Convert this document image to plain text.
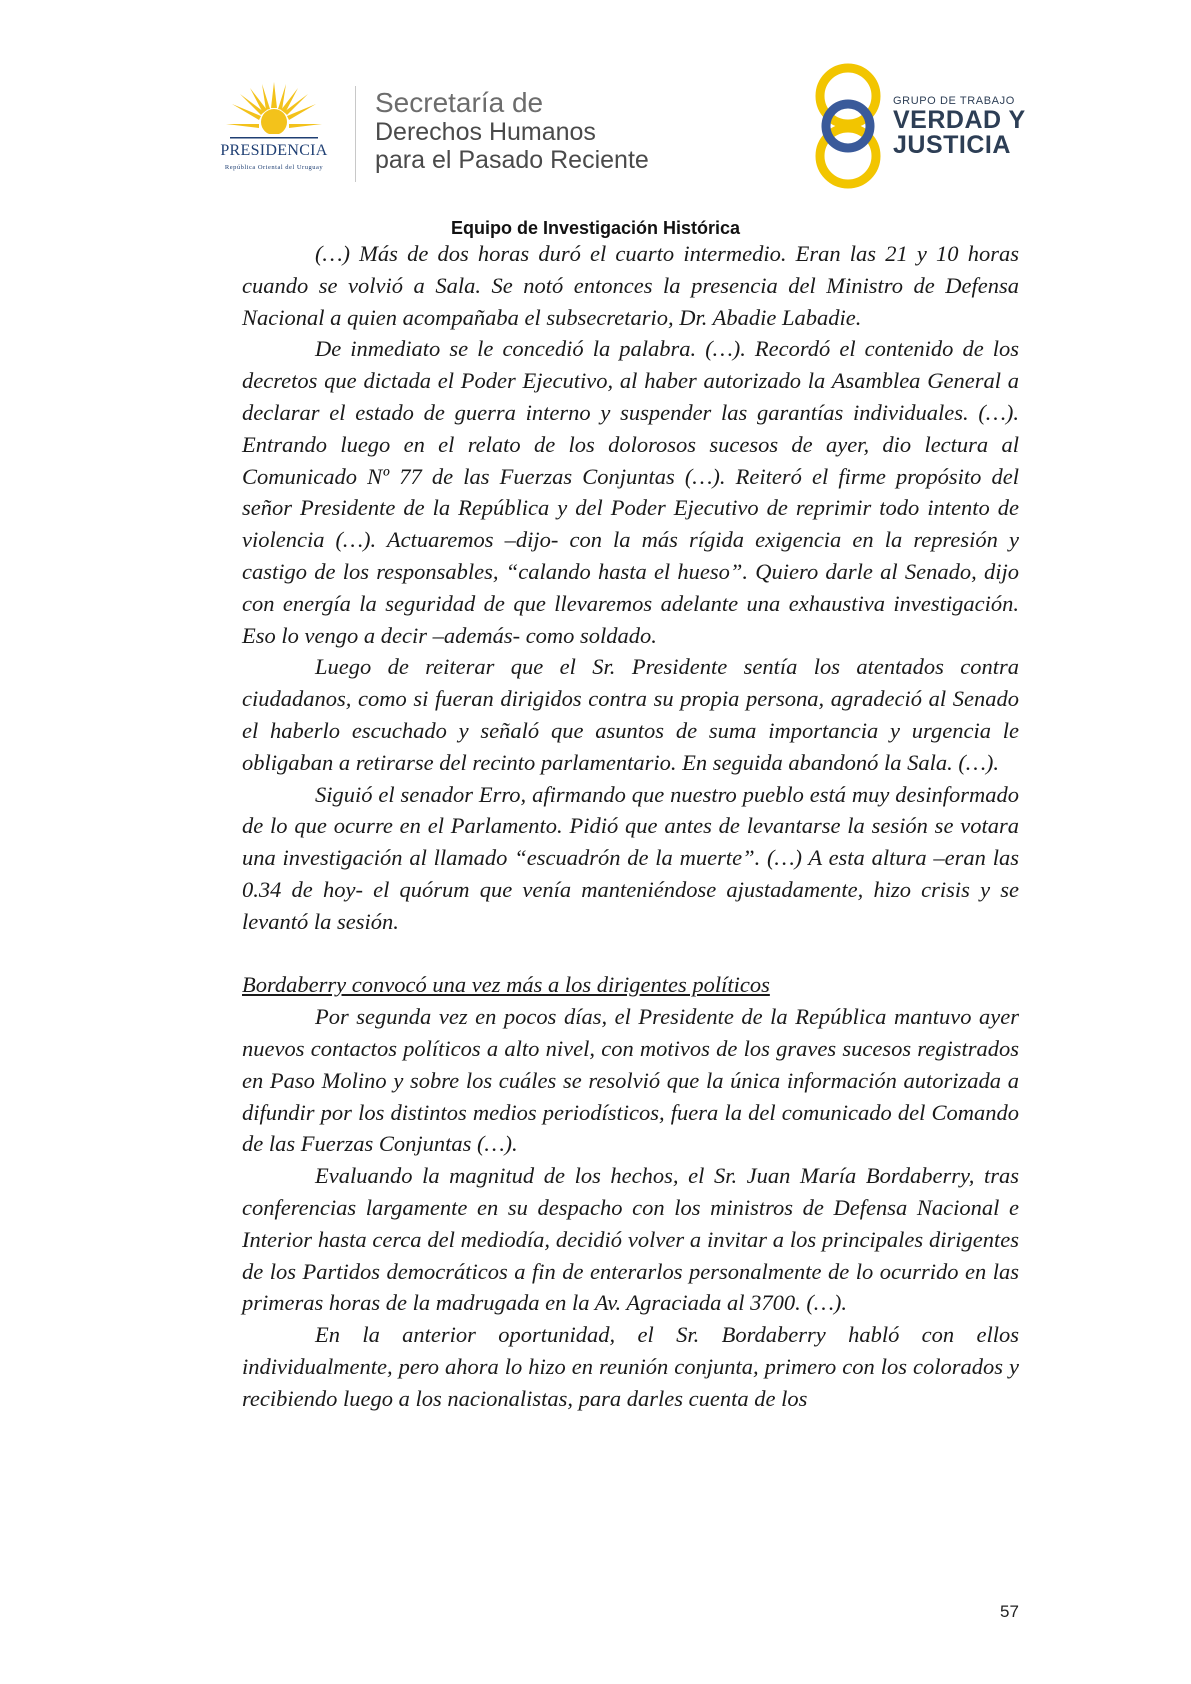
PRESIDENCIA
República Oriental del Uruguay
Secretaría de
Derechos Humanos
para el Pasado Reciente
GRUPO DE TRABAJO
VERDAD Y
JUSTICIA
Equipo de Investigación Histórica

(…) Más de dos horas duró el cuarto intermedio. Eran las 21 y 10 horas cuando se volvió a Sala. Se notó entonces la presencia del Ministro de Defensa Nacional a quien acompañaba el subsecretario, Dr. Abadie Labadie.

De inmediato se le concedió la palabra. (…). Recordó el contenido de los decretos que dictada el Poder Ejecutivo, al haber autorizado la Asamblea General a declarar el estado de guerra interno y suspender las garantías individuales. (…). Entrando luego en el relato de los dolorosos sucesos de ayer, dio lectura al Comunicado Nº 77 de las Fuerzas Conjuntas (…). Reiteró el firme propósito del señor Presidente de la República y del Poder Ejecutivo de reprimir todo intento de violencia (…). Actuaremos –dijo- con la más rígida exigencia en la represión y castigo de los responsables, “calando hasta el hueso”. Quiero darle al Senado, dijo con energía la seguridad de que llevaremos adelante una exhaustiva investigación. Eso lo vengo a decir –además- como soldado.

Luego de reiterar que el Sr. Presidente sentía los atentados contra ciudadanos, como si fueran dirigidos contra su propia persona, agradeció al Senado el haberlo escuchado y señaló que asuntos de suma importancia y urgencia le obligaban a retirarse del recinto parlamentario. En seguida abandonó la Sala. (…).

Siguió el senador Erro, afirmando que nuestro pueblo está muy desinformado de lo que ocurre en el Parlamento. Pidió que antes de levantarse la sesión se votara una investigación al llamado “escuadrón de la muerte”. (…) A esta altura –eran las 0.34 de hoy- el quórum que venía manteniéndose ajustadamente, hizo crisis y se levantó la sesión.

Bordaberry convocó una vez más a los dirigentes políticos

Por segunda vez en pocos días, el Presidente de la República mantuvo ayer nuevos contactos políticos a alto nivel, con motivos de los graves sucesos registrados en Paso Molino y sobre los cuáles se resolvió que la única información autorizada a difundir por los distintos medios periodísticos, fuera la del comunicado del Comando de las Fuerzas Conjuntas (…).

Evaluando la magnitud de los hechos, el Sr. Juan María Bordaberry, tras conferencias largamente en su despacho con los ministros de Defensa Nacional e Interior hasta cerca del mediodía, decidió volver a invitar a los principales dirigentes de los Partidos democráticos a fin de enterarlos personalmente de lo ocurrido en las primeras horas de la madrugada en la Av. Agraciada al 3700. (…).

En la anterior oportunidad, el Sr. Bordaberry habló con ellos individualmente, pero ahora lo hizo en reunión conjunta, primero con los colorados y recibiendo luego a los nacionalistas, para darles cuenta de los

57
